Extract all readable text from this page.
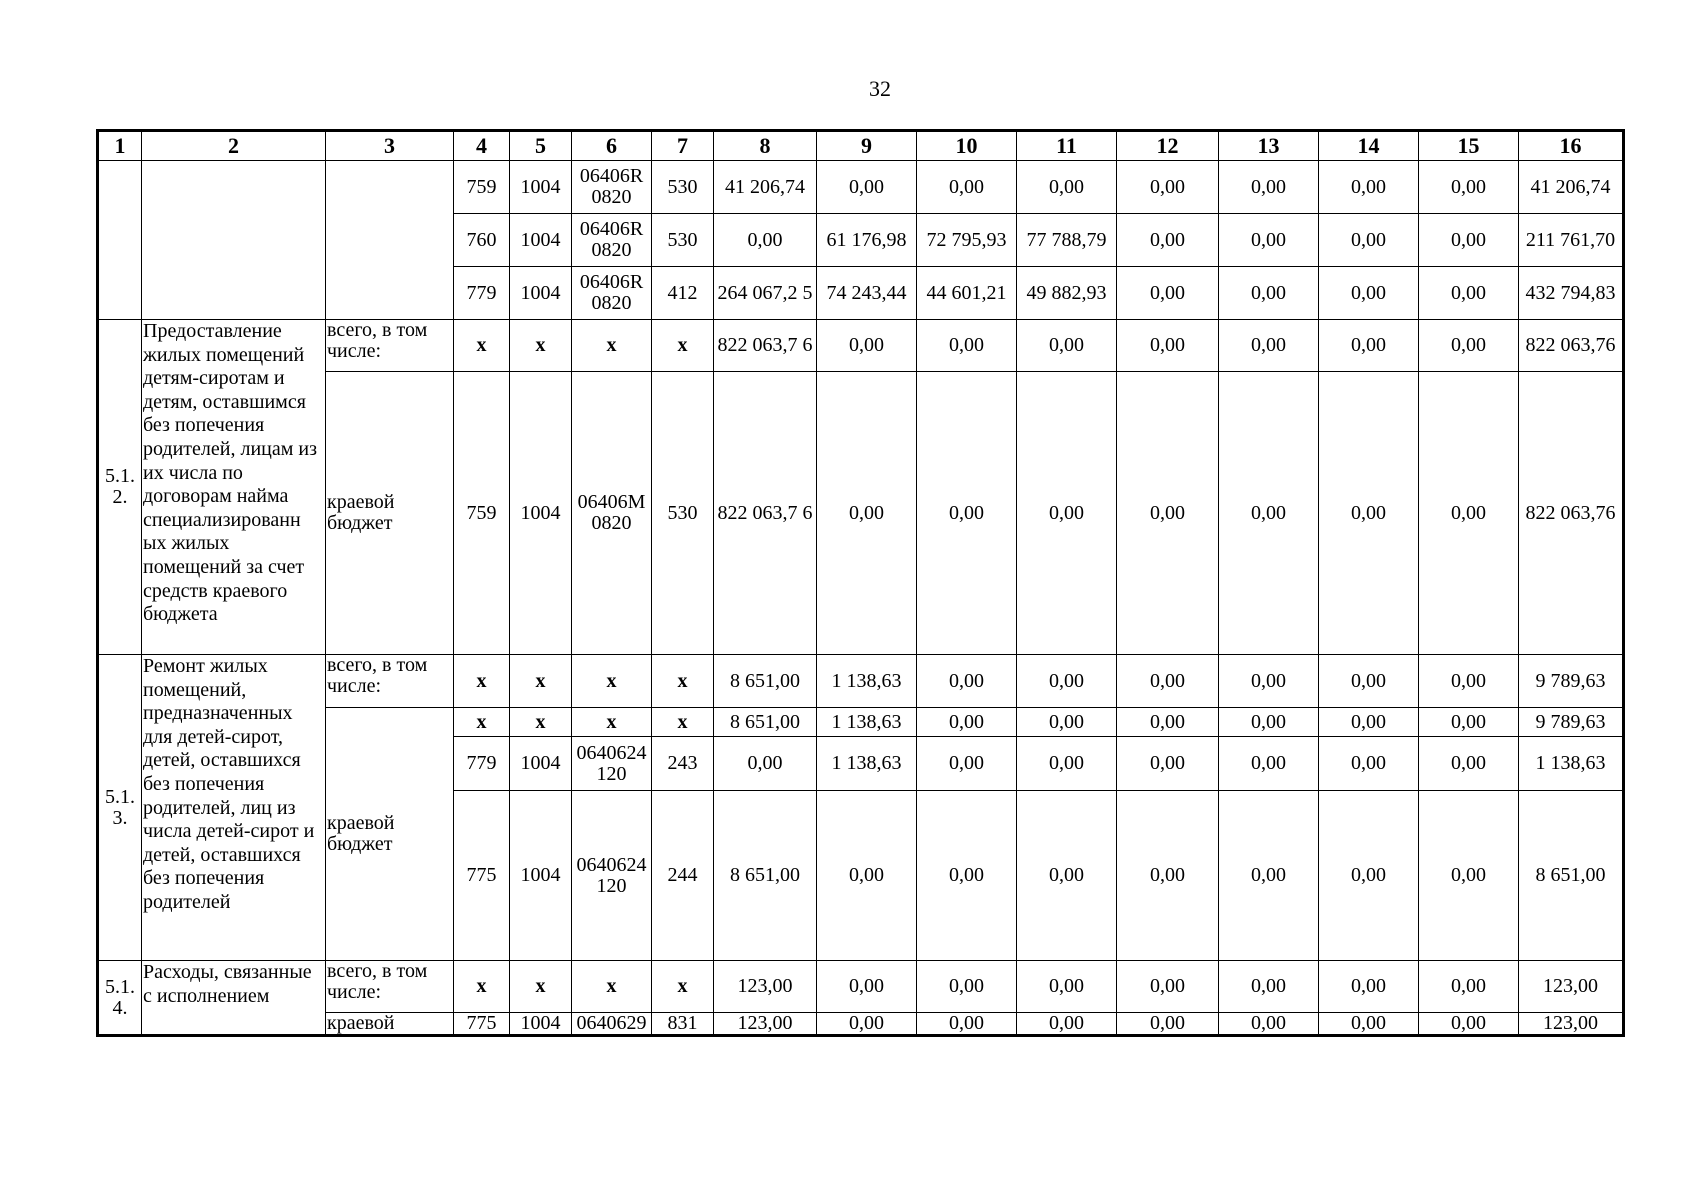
32
1	2	3	4	5	6	7	8	9	10	11	12	13	14	15	16
			759	1004	06406R 0820	530	41 206,74	0,00	0,00	0,00	0,00	0,00	0,00	0,00	41 206,74
			760	1004	06406R 0820	530	0,00	61 176,98	72 795,93	77 788,79	0,00	0,00	0,00	0,00	211 761,70
			779	1004	06406R 0820	412	264 067,2 5	74 243,44	44 601,21	49 882,93	0,00	0,00	0,00	0,00	432 794,83
5.1. 2.	Предоставление жилых помещений детям-сиротам и детям, оставшимся без попечения родителей, лицам из их числа по договорам найма специализированн ых жилых помещений за счет средств краевого бюджета	всего, в том числе:	x	x	x	x	822 063,7 6	0,00	0,00	0,00	0,00	0,00	0,00	0,00	822 063,76
		краевой бюджет	759	1004	06406M 0820	530	822 063,7 6	0,00	0,00	0,00	0,00	0,00	0,00	0,00	822 063,76
5.1. 3.	Ремонт жилых помещений, предназначенных для детей-сирот, детей, оставшихся без попечения родителей, лиц из числа детей-сирот и детей, оставшихся без попечения родителей	всего, в том числе:	x	x	x	x	8 651,00	1 138,63	0,00	0,00	0,00	0,00	0,00	0,00	9 789,63
		краевой бюджет	x	x	x	x	8 651,00	1 138,63	0,00	0,00	0,00	0,00	0,00	0,00	9 789,63
			779	1004	0640624 120	243	0,00	1 138,63	0,00	0,00	0,00	0,00	0,00	0,00	1 138,63
			775	1004	0640624 120	244	8 651,00	0,00	0,00	0,00	0,00	0,00	0,00	0,00	8 651,00
5.1. 4.	Расходы, связанные с исполнением	всего, в том числе:	x	x	x	x	123,00	0,00	0,00	0,00	0,00	0,00	0,00	0,00	123,00
		краевой	775	1004	0640629	831	123,00	0,00	0,00	0,00	0,00	0,00	0,00	0,00	123,00
